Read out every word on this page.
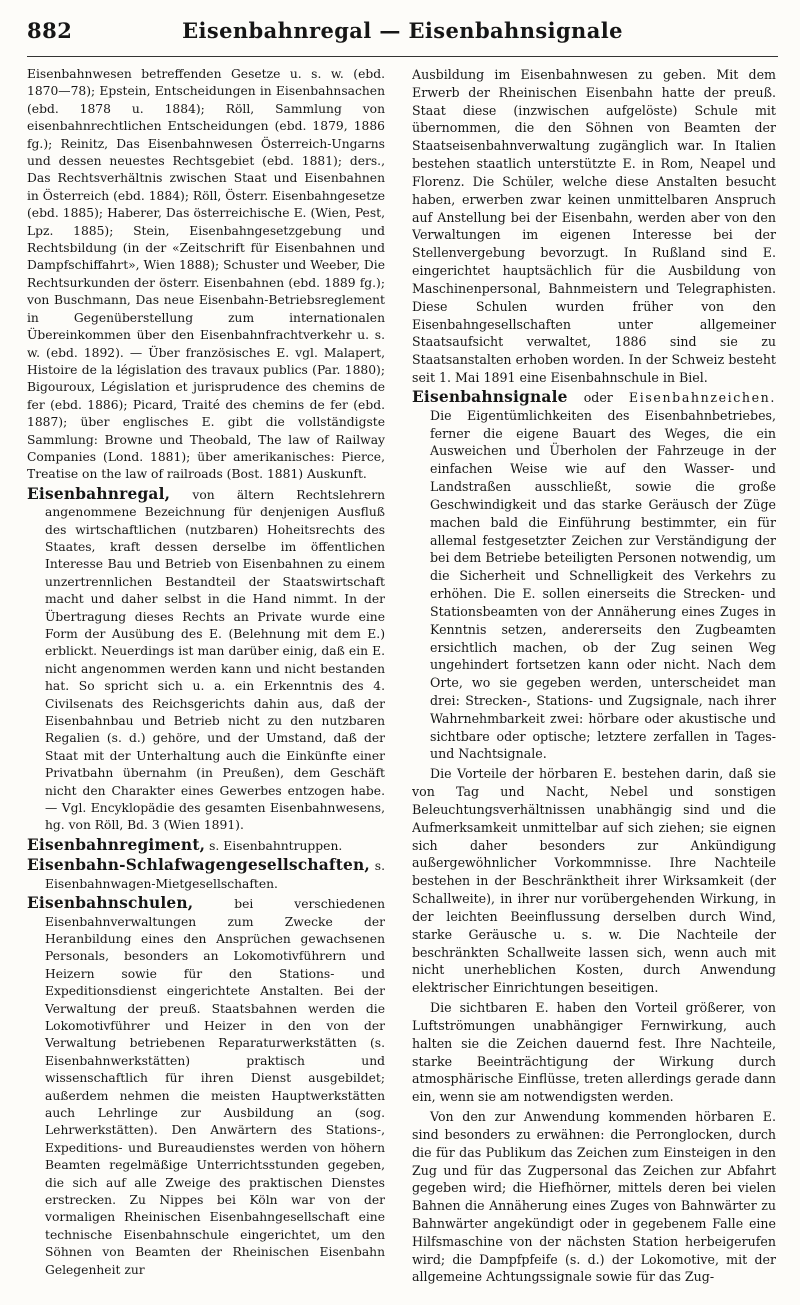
882	Eisenbahnregal — Eisenbahnsignale

Eisenbahnwesen betreffenden Gesetze u. s. w. (ebd. 1870—78); Epstein, Entscheidungen in Eisenbahnsachen (ebd. 1878 u. 1884); Röll, Sammlung von eisenbahnrechtlichen Entscheidungen (ebd. 1879, 1886 fg.); Reinitz, Das Eisenbahnwesen Österreich-Ungarns und dessen neuestes Rechtsgebiet (ebd. 1881); ders., Das Rechtsverhältnis zwischen Staat und Eisenbahnen in Österreich (ebd. 1884); Röll, Österr. Eisenbahngesetze (ebd. 1885); Haberer, Das österreichische E. (Wien, Pest, Lpz. 1885); Stein, Eisenbahngesetzgebung und Rechtsbildung (in der «Zeitschrift für Eisenbahnen und Dampfschiffahrt», Wien 1888); Schuster und Weeber, Die Rechtsurkunden der österr. Eisenbahnen (ebd. 1889 fg.); von Buschmann, Das neue Eisenbahn-Betriebsreglement in Gegenüberstellung zum internationalen Übereinkommen über den Eisenbahnfrachtverkehr u. s. w. (ebd. 1892). — Über französisches E. vgl. Malapert, Histoire de la législation des travaux publics (Par. 1880); Bigouroux, Législation et jurisprudence des chemins de fer (ebd. 1886); Picard, Traité des chemins de fer (ebd. 1887); über englisches E. gibt die vollständigste Sammlung: Browne und Theobald, The law of Railway Companies (Lond. 1881); über amerikanisches: Pierce, Treatise on the law of railroads (Bost. 1881) Auskunft.

Eisenbahnregal, von ältern Rechtslehrern angenommene Bezeichnung für denjenigen Ausfluß des wirtschaftlichen (nutzbaren) Hoheitsrechts des Staates, kraft dessen derselbe im öffentlichen Interesse Bau und Betrieb von Eisenbahnen zu einem unzertrennlichen Bestandteil der Staatswirtschaft macht und daher selbst in die Hand nimmt. In der Übertragung dieses Rechts an Private wurde eine Form der Ausübung des E. (Belehnung mit dem E.) erblickt. Neuerdings ist man darüber einig, daß ein E. nicht angenommen werden kann und nicht bestanden hat. So spricht sich u. a. ein Erkenntnis des 4. Civilsenats des Reichsgerichts dahin aus, daß der Eisenbahnbau und Betrieb nicht zu den nutzbaren Regalien (s. d.) gehöre, und der Umstand, daß der Staat mit der Unterhaltung auch die Einkünfte einer Privatbahn übernahm (in Preußen), dem Geschäft nicht den Charakter eines Gewerbes entzogen habe. — Vgl. Encyklopädie des gesamten Eisenbahnwesens, hg. von Röll, Bd. 3 (Wien 1891).

Eisenbahnregiment, s. Eisenbahntruppen.

Eisenbahn-Schlafwagengesellschaften, s. Eisenbahnwagen-Mietgesellschaften.

Eisenbahnschulen, bei verschiedenen Eisenbahnverwaltungen zum Zwecke der Heranbildung eines den Ansprüchen gewachsenen Personals, besonders an Lokomotivführern und Heizern sowie für den Stations- und Expeditionsdienst eingerichtete Anstalten. Bei der Verwaltung der preuß. Staatsbahnen werden die Lokomotivführer und Heizer in den von der Verwaltung betriebenen Reparaturwerkstätten (s. Eisenbahnwerkstätten) praktisch und wissenschaftlich für ihren Dienst ausgebildet; außerdem nehmen die meisten Hauptwerkstätten auch Lehrlinge zur Ausbildung an (sog. Lehrwerkstätten). Den Anwärtern des Stations-, Expeditions- und Bureaudienstes werden von höhern Beamten regelmäßige Unterrichtsstunden gegeben, die sich auf alle Zweige des praktischen Dienstes erstrecken. Zu Nippes bei Köln war von der vormaligen Rheinischen Eisenbahngesellschaft eine technische Eisenbahnschule eingerichtet, um den Söhnen von Beamten der Rheinischen Eisenbahn Gelegenheit zur

Ausbildung im Eisenbahnwesen zu geben. Mit dem Erwerb der Rheinischen Eisenbahn hatte der preuß. Staat diese (inzwischen aufgelöste) Schule mit übernommen, die den Söhnen von Beamten der Staatseisenbahnverwaltung zugänglich war. In Italien bestehen staatlich unterstützte E. in Rom, Neapel und Florenz. Die Schüler, welche diese Anstalten besucht haben, erwerben zwar keinen unmittelbaren Anspruch auf Anstellung bei der Eisenbahn, werden aber von den Verwaltungen im eigenen Interesse bei der Stellenvergebung bevorzugt. In Rußland sind E. eingerichtet hauptsächlich für die Ausbildung von Maschinenpersonal, Bahnmeistern und Telegraphisten. Diese Schulen wurden früher von den Eisenbahngesellschaften unter allgemeiner Staatsaufsicht verwaltet, 1886 sind sie zu Staatsanstalten erhoben worden. In der Schweiz besteht seit 1. Mai 1891 eine Eisenbahnschule in Biel.

Eisenbahnsignale oder Eisenbahnzeichen. Die Eigentümlichkeiten des Eisenbahnbetriebes, ferner die eigene Bauart des Weges, die ein Ausweichen und Überholen der Fahrzeuge in der einfachen Weise wie auf den Wasser- und Landstraßen ausschließt, sowie die große Geschwindigkeit und das starke Geräusch der Züge machen bald die Einführung bestimmter, ein für allemal festgesetzter Zeichen zur Verständigung der bei dem Betriebe beteiligten Personen notwendig, um die Sicherheit und Schnelligkeit des Verkehrs zu erhöhen. Die E. sollen einerseits die Strecken- und Stationsbeamten von der Annäherung eines Zuges in Kenntnis setzen, andererseits den Zugbeamten ersichtlich machen, ob der Zug seinen Weg ungehindert fortsetzen kann oder nicht. Nach dem Orte, wo sie gegeben werden, unterscheidet man drei: Strecken-, Stations- und Zugsignale, nach ihrer Wahrnehmbarkeit zwei: hörbare oder akustische und sichtbare oder optische; letztere zerfallen in Tages- und Nachtsignale.

Die Vorteile der hörbaren E. bestehen darin, daß sie von Tag und Nacht, Nebel und sonstigen Beleuchtungsverhältnissen unabhängig sind und die Aufmerksamkeit unmittelbar auf sich ziehen; sie eignen sich daher besonders zur Ankündigung außergewöhnlicher Vorkommnisse. Ihre Nachteile bestehen in der Beschränktheit ihrer Wirksamkeit (der Schallweite), in ihrer nur vorübergehenden Wirkung, in der leichten Beeinflussung derselben durch Wind, starke Geräusche u. s. w. Die Nachteile der beschränkten Schallweite lassen sich, wenn auch mit nicht unerheblichen Kosten, durch Anwendung elektrischer Einrichtungen beseitigen.

Die sichtbaren E. haben den Vorteil größerer, von Luftströmungen unabhängiger Fernwirkung, auch halten sie die Zeichen dauernd fest. Ihre Nachteile, starke Beeinträchtigung der Wirkung durch atmosphärische Einflüsse, treten allerdings gerade dann ein, wenn sie am notwendigsten werden.

Von den zur Anwendung kommenden hörbaren E. sind besonders zu erwähnen: die Perronglocken, durch die für das Publikum das Zeichen zum Einsteigen in den Zug und für das Zugpersonal das Zeichen zur Abfahrt gegeben wird; die Hiefhörner, mittels deren bei vielen Bahnen die Annäherung eines Zuges von Bahnwärter zu Bahnwärter angekündigt oder in gegebenem Falle eine Hilfsmaschine von der nächsten Station herbeigerufen wird; die Dampfpfeife (s. d.) der Lokomotive, mit der allgemeine Achtungssignale sowie für das Zug-
